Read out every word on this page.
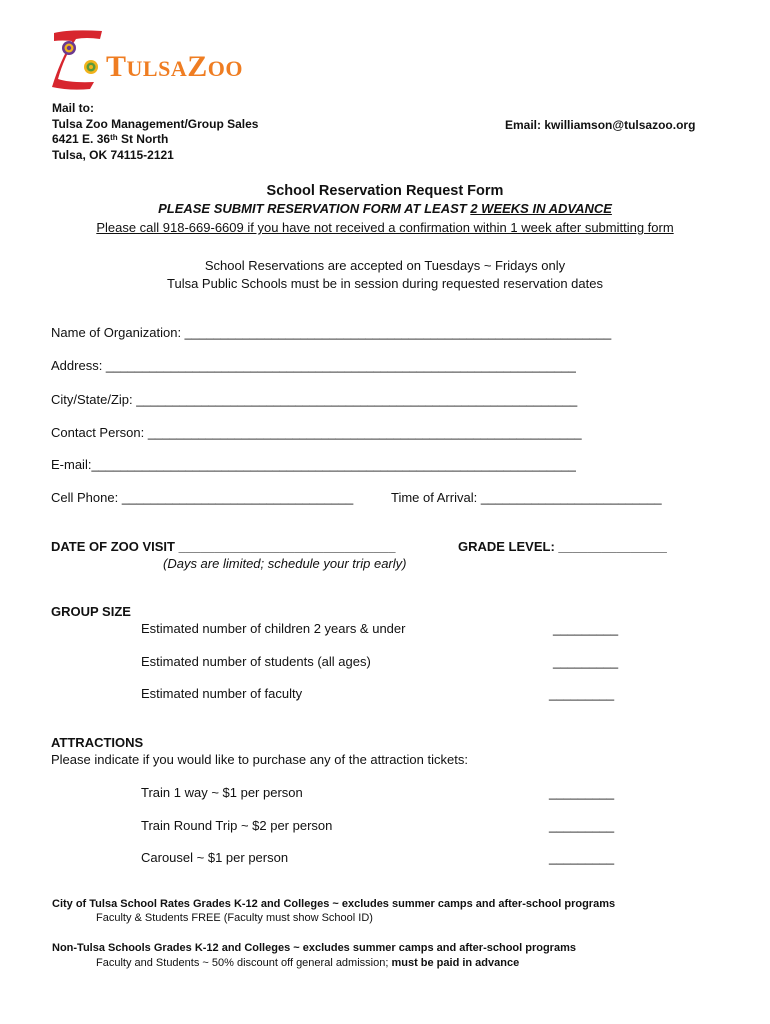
TULSAZOO
Mail to:
Tulsa Zoo Management/Group Sales
6421 E. 36th St North
Tulsa, OK 74115-2121
Email: kwilliamson@tulsazoo.org
School Reservation Request Form
PLEASE SUBMIT RESERVATION FORM AT LEAST 2 WEEKS IN ADVANCE
Please call 918-669-6609 if you have not received a confirmation within 1 week after submitting form
School Reservations are accepted on Tuesdays ~ Fridays only
Tulsa Public Schools must be in session during requested reservation dates
Name of Organization: ___________________________________________________________
Address: _________________________________________________________________
City/State/Zip: _____________________________________________________________
Contact Person: ____________________________________________________________
E-mail:___________________________________________________________________
Cell Phone: ________________________________	Time of Arrival: _________________________
DATE OF ZOO VISIT ______________________________
(Days are limited; schedule your trip early)
GRADE LEVEL: _______________
GROUP SIZE
Estimated number of children 2 years & under	_________
Estimated number of students (all ages)	_________
Estimated number of faculty	_________
ATTRACTIONS
Please indicate if you would like to purchase any of the attraction tickets:
Train 1 way ~ $1 per person	_________
Train Round Trip ~ $2 per person	_________
Carousel ~ $1 per person	_________
City of Tulsa School Rates Grades K-12 and Colleges ~ excludes summer camps and after-school programs
Faculty & Students FREE (Faculty must show School ID)
Non-Tulsa Schools Grades K-12 and Colleges ~ excludes summer camps and after-school programs
Faculty and Students ~ 50% discount off general admission; must be paid in advance
